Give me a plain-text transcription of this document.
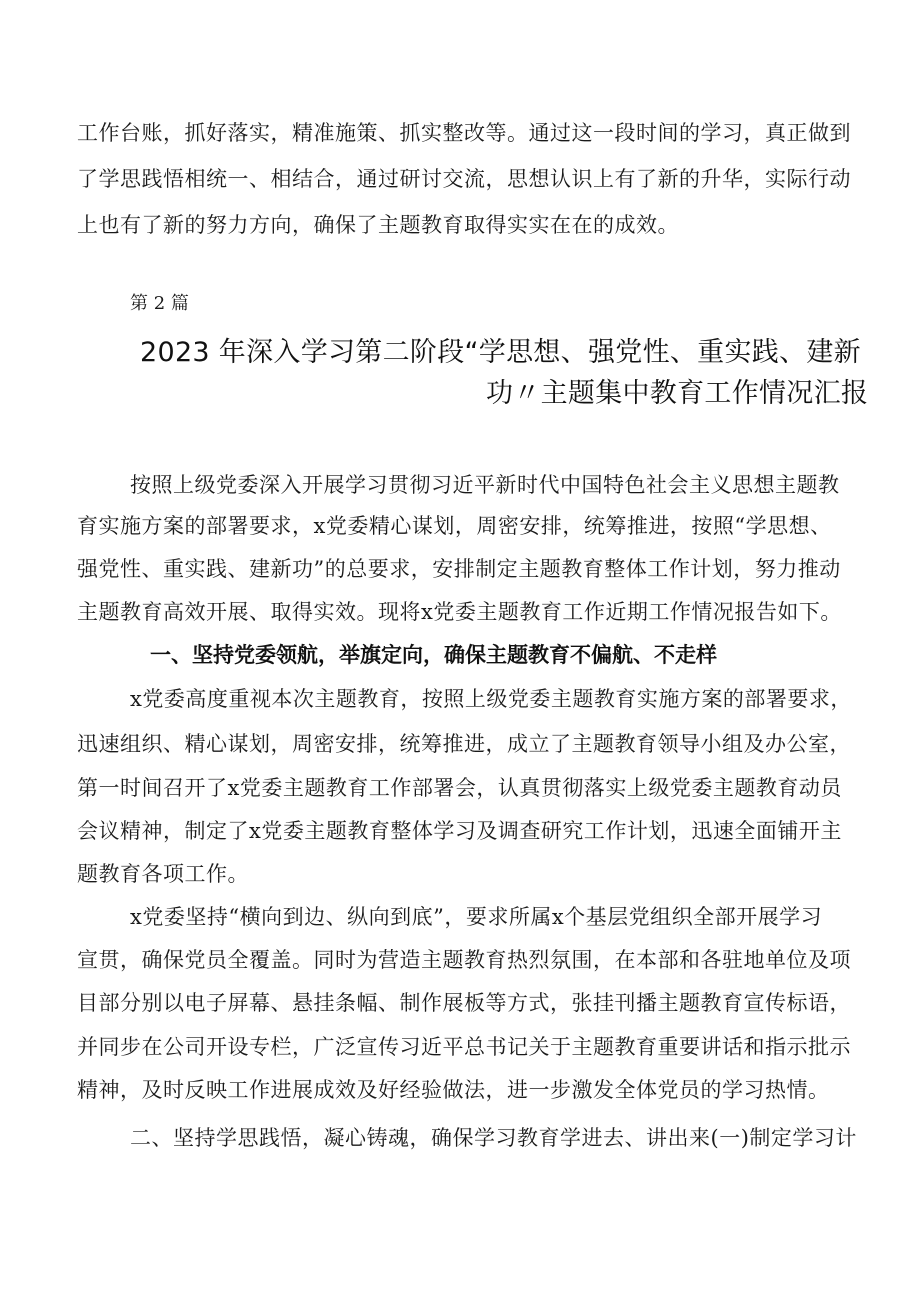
工作台账，抓好落实，精准施策、抓实整改等。通过这一段时间的学习，真正做到
了学思践悟相统一、相结合，通过研讨交流，思想认识上有了新的升华，实际行动
上也有了新的努力方向，确保了主题教育取得实实在在的成效。
第 2 篇
2023 年深入学习第二阶段“学思想、强党性、重实践、建新
功〃主题集中教育工作情况汇报
按照上级党委深入开展学习贯彻习近平新时代中国特色社会主义思想主题教
育实施方案的部署要求，x党委精心谋划，周密安排，统筹推进，按照“学思想、
强党性、重实践、建新功”的总要求，安排制定主题教育整体工作计划，努力推动
主题教育高效开展、取得实效。现将x党委主题教育工作近期工作情况报告如下。
一、坚持党委领航，举旗定向，确保主题教育不偏航、不走样
x党委高度重视本次主题教育，按照上级党委主题教育实施方案的部署要求，
迅速组织、精心谋划，周密安排，统筹推进，成立了主题教育领导小组及办公室，
第一时间召开了x党委主题教育工作部署会，认真贯彻落实上级党委主题教育动员
会议精神，制定了x党委主题教育整体学习及调查研究工作计划，迅速全面铺开主
题教育各项工作。
x党委坚持“横向到边、纵向到底”，要求所属x个基层党组织全部开展学习
宣贯，确保党员全覆盖。同时为营造主题教育热烈氛围，在本部和各驻地单位及项
目部分别以电子屏幕、悬挂条幅、制作展板等方式，张挂刊播主题教育宣传标语，
并同步在公司开设专栏，广泛宣传习近平总书记关于主题教育重要讲话和指示批示
精神，及时反映工作进展成效及好经验做法，进一步激发全体党员的学习热情。
二、坚持学思践悟，凝心铸魂，确保学习教育学进去、讲出来(一)制定学习计
